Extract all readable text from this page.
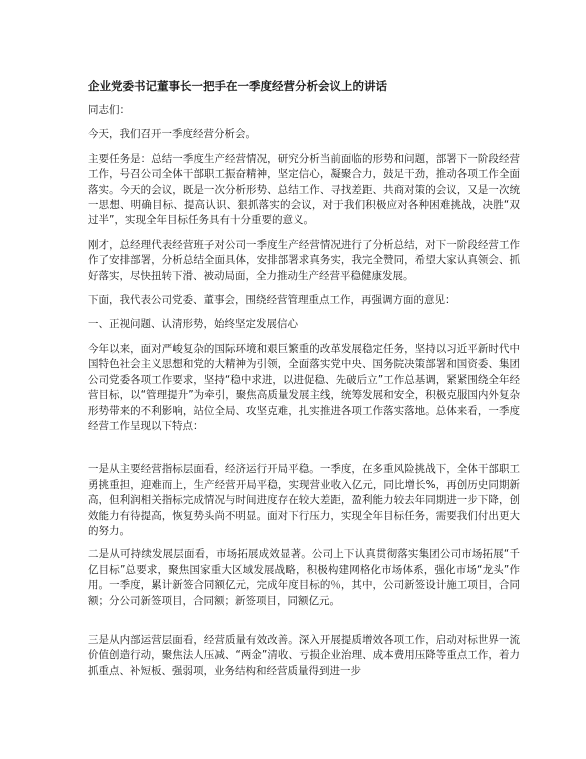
企业党委书记董事长一把手在一季度经营分析会议上的讲话
同志们：
今天，我们召开一季度经营分析会。
主要任务是：总结一季度生产经营情况，研究分析当前面临的形势和问题，部署下一阶段经营工作，号召公司全体干部职工振奋精神，坚定信心，凝聚合力，鼓足干劲，推动各项工作全面落实。今天的会议，既是一次分析形势、总结工作、寻找差距、共商对策的会议，又是一次统一思想、明确目标、提高认识、狠抓落实的会议，对于我们积极应对各种困难挑战，决胜“双过半”，实现全年目标任务具有十分重要的意义。
刚才，总经理代表经营班子对公司一季度生产经营情况进行了分析总结，对下一阶段经营工作作了安排部署，分析总结全面具体，安排部署求真务实，我完全赞同，希望大家认真领会、抓好落实，尽快扭转下滑、被动局面，全力推动生产经营平稳健康发展。
下面，我代表公司党委、董事会，围绕经营管理重点工作，再强调方面的意见：
一、正视问题、认清形势，始终坚定发展信心
今年以来，面对严峻复杂的国际环境和艰巨繁重的改革发展稳定任务，坚持以习近平新时代中国特色社会主义思想和党的大精神为引领，全面落实党中央、国务院决策部署和国资委、集团公司党委各项工作要求，坚持“稳中求进，以进促稳、先破后立”工作总基调，紧紧围绕全年经营目标，以“管理提升”为牵引，聚焦高质量发展主线，统筹发展和安全，积极克服国内外复杂形势带来的不利影响，站位全局、攻坚克难，扎实推进各项工作落实落地。总体来看，一季度经营工作呈现以下特点：
一是从主要经营指标层面看，经济运行开局平稳。一季度，在多重风险挑战下，全体干部职工勇挑重担，迎难而上，生产经营开局平稳，实现营业收入亿元，同比增长%，再创历史同期新高，但利润相关指标完成情况与时间进度存在较大差距，盈利能力较去年同期进一步下降，创效能力有待提高，恢复势头尚不明显。面对下行压力，实现全年目标任务，需要我们付出更大的努力。
二是从可持续发展层面看，市场拓展成效显著。公司上下认真贯彻落实集团公司市场拓展“千亿目标”总要求，聚焦国家重大区域发展战略，积极构建网格化市场体系，强化市场“龙头”作用。一季度，累计新签合同额亿元，完成年度目标的％，其中，公司新签设计施工项目，合同额；分公司新签项目，合同额；新签项目，同额亿元。
三是从内部运营层面看，经营质量有效改善。深入开展提质增效各项工作，启动对标世界一流价值创造行动，聚焦法人压减、“两金”清收、亏损企业治理、成本费用压降等重点工作，着力抓重点、补短板、强弱项，业务结构和经营质量得到进一步
